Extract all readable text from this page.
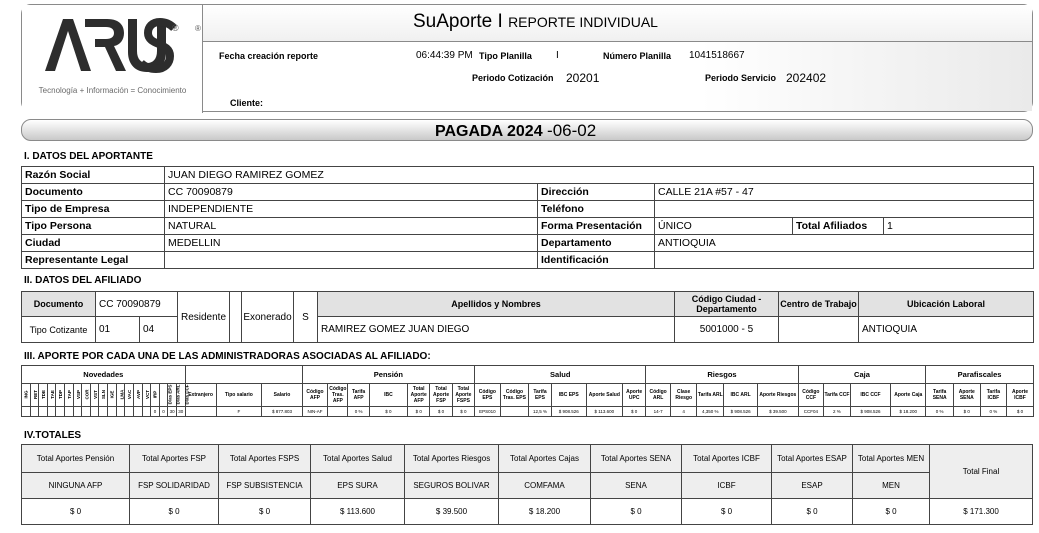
®
®
Tecnología + Información = Conocimiento
SuAporte I REPORTE INDIVIDUAL
Fecha creación reporte	06:44:39 PM Tipo Planilla I	Número Planilla 1041518667
Periodo Cotización 20201	Periodo Servicio 202402
Cliente:
PAGADA 2024 -06-02
I. DATOS DEL APORTANTE
Razón Social	JUAN DIEGO RAMIREZ GOMEZ				
Documento	CC 70090879	Dirección	CALLE 21A #57 - 47		
Tipo de Empresa	INDEPENDIENTE	Teléfono			
Tipo Persona	NATURAL	Forma Presentación	ÚNICO	Total Afiliados	1
Ciudad	MEDELLIN	Departamento	ANTIOQUIA		
Representante Legal		Identificación			
II. DATOS DEL AFILIADO
Documento	CC 70090879		Residente		Exonerado	S	Apellidos y Nombres	Código Ciudad - Departamento	Centro de Trabajo	Ubicación Laboral
Tipo Cotizante	01	04					RAMIREZ GOMEZ JUAN DIEGO	5001000 - 5		ANTIOQUIA
III. APORTE POR CADA UNA DE LAS ADMINISTRADORAS ASOCIADAS AL AFILIADO:
Novedades																						Pensión							Salud						Riesgos					Caja				Parafiscales			
ING	RET	TDE	TAE	TDP	TAP	VSP	COR	VST	SLN	IGE	LMA	VAC	AVP	VCT	IRP	Días EPS	Días ARL	Días CCF	Extranjero	Tipo salario	Salario	Código AFP	Código Tras. AFP	Tarifa AFP	IBC	Total Aporte AFP	Total Aporte FSP	Total Aporte FSPS	Código EPS	Código Tras. EPS	Tarifa EPS	IBC EPS	Aporte Salud	Aporte UPC	Código ARL	Clase Riesgo	Tarifa ARL	IBC ARL	Aporte Riesgos	Código CCF	Tarifa CCF	IBC CCF	Aporte Caja	Tarifa SENA	Aporte SENA	Tarifa ICBF	Aporte ICBF
															0	0	30	30		F	$ 877.803	NIN-AF		0 %	$ 0	$ 0	$ 0	$ 0	EPS010		12,5 %	$ 908.526	$ 113.600	$ 0	14-7	4	4,350 %	$ 908.526	$ 39.500	CCF04	2 %	$ 908.526	$ 18.200	0 %	$ 0	0 %	$ 0
IV.TOTALES
Total Aportes Pensión	Total Aportes FSP	Total Aportes FSPS	Total Aportes Salud	Total Aportes Riesgos	Total Aportes Cajas	Total Aportes SENA	Total Aportes ICBF	Total Aportes ESAP	Total Aportes MEN	Total Final
NINGUNA AFP	FSP SOLIDARIDAD	FSP SUBSISTENCIA	EPS SURA	SEGUROS BOLIVAR	COMFAMA	SENA	ICBF	ESAP	MEN	
$ 0	$ 0	$ 0	$ 113.600	$ 39.500	$ 18.200	$ 0	$ 0	$ 0	$ 0	$ 171.300
